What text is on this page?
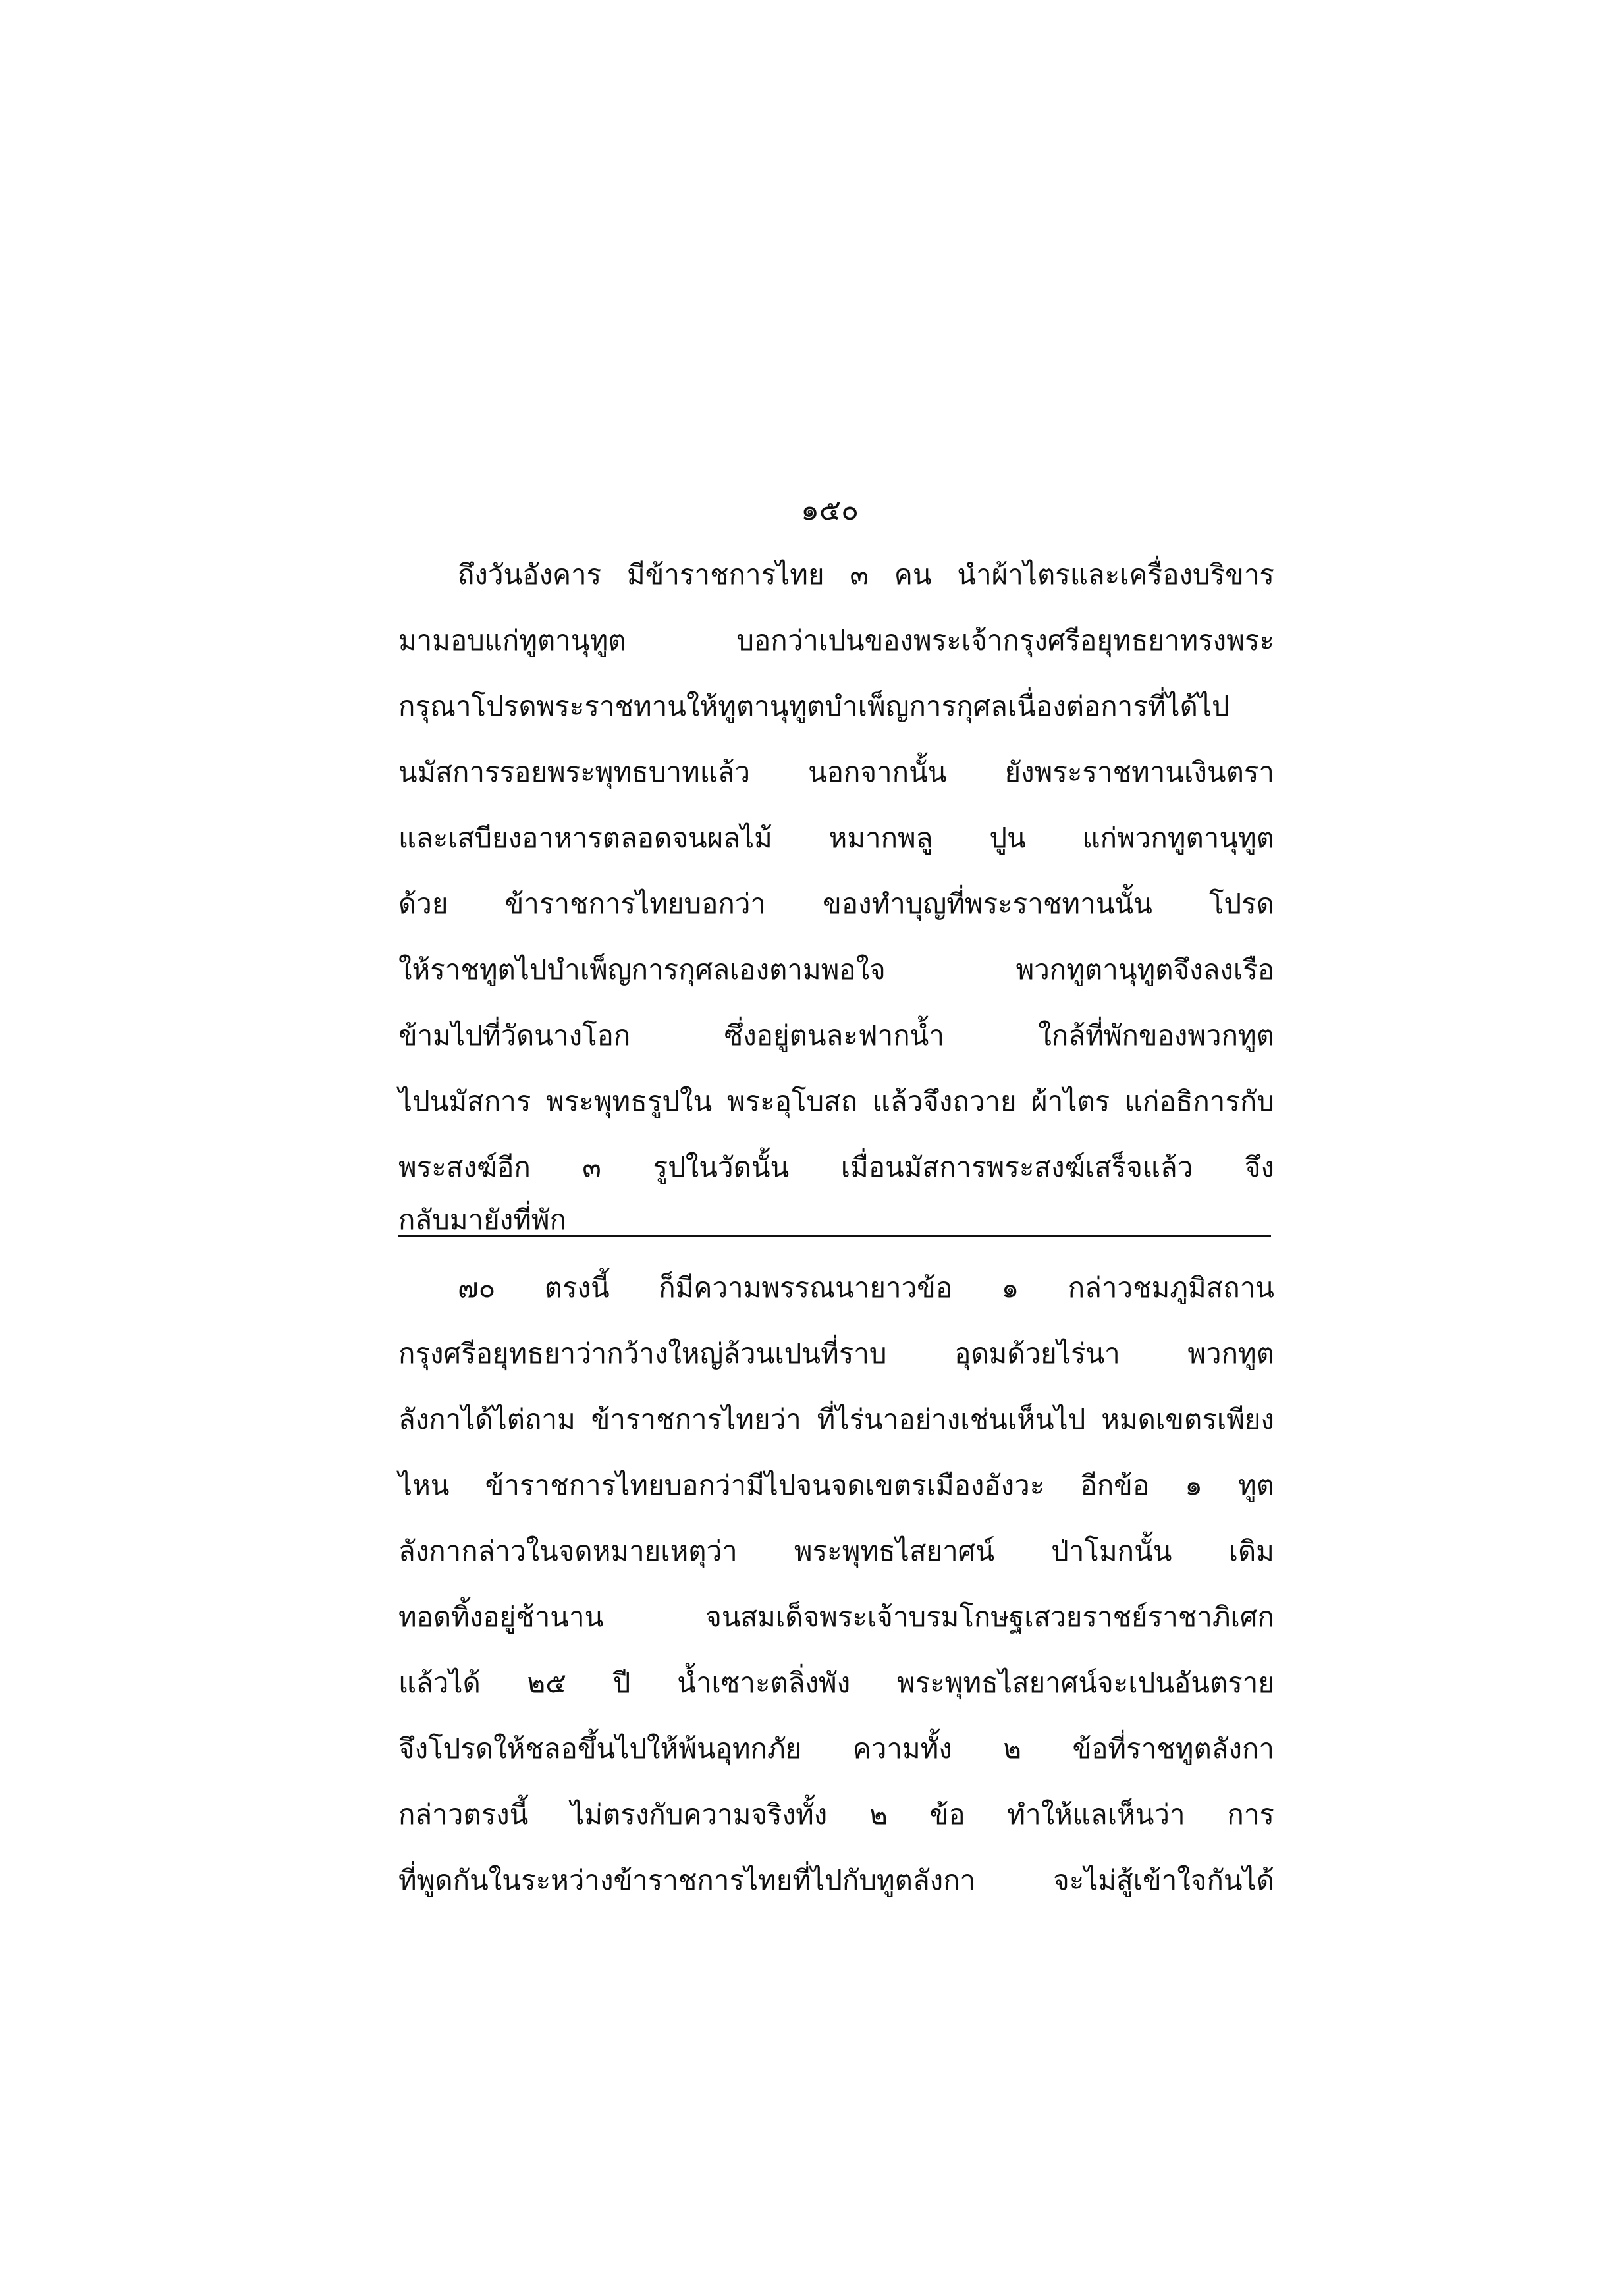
๑๕๐
ถึงวันอังคาร มีข้าราชการไทย ๓ คน นำผ้าไตรและเครื่องบริขาร
มามอบแก่ทูตานุทูต บอกว่าเปนของพระเจ้ากรุงศรีอยุทธยาทรงพระ
กรุณาโปรดพระราชทานให้ทูตานุทูตบำเพ็ญการกุศลเนื่องต่อการที่ได้ไป
นมัสการรอยพระพุทธบาทแล้ว นอกจากนั้น ยังพระราชทานเงินตรา
และเสบียงอาหารตลอดจนผลไม้ หมากพลู ปูน แก่พวกทูตานุทูต
ด้วย ข้าราชการไทยบอกว่า ของทำบุญที่พระราชทานนั้น โปรด
ให้ราชทูตไปบำเพ็ญการกุศลเองตามพอใจ พวกทูตานุทูตจึงลงเรือ
ข้ามไปที่วัดนางโอก ซึ่งอยู่ตนละฟากน้ำ ใกล้ที่พักของพวกทูต
ไปนมัสการ พระพุทธรูปใน พระอุโบสถ แล้วจึงถวาย ผ้าไตร แก่อธิการกับ
พระสงฆ์อีก ๓ รูปในวัดนั้น เมื่อนมัสการพระสงฆ์เสร็จแล้ว จึง
กลับมายังที่พัก
๗๐ ตรงนี้ ก็มีความพรรณนายาวข้อ ๑ กล่าวชมภูมิสถาน
กรุงศรีอยุทธยาว่ากว้างใหญ่ล้วนเปนที่ราบ อุดมด้วยไร่นา พวกทูต
ลังกาได้ไต่ถาม ข้าราชการไทยว่า ที่ไร่นาอย่างเช่นเห็นไป หมดเขตรเพียง
ไหน ข้าราชการไทยบอกว่ามีไปจนจดเขตรเมืองอังวะ อีกข้อ ๑ ทูต
ลังกากล่าวในจดหมายเหตุว่า พระพุทธไสยาศน์ ป่าโมกนั้น เดิม
ทอดทิ้งอยู่ช้านาน จนสมเด็จพระเจ้าบรมโกษฐเสวยราชย์ราชาภิเศก
แล้วได้ ๒๕ ปี น้ำเซาะตลิ่งพัง พระพุทธไสยาศน์จะเปนอันตราย
จึงโปรดให้ชลอขึ้นไปให้พ้นอุทกภัย ความทั้ง ๒ ข้อที่ราชทูตลังกา
กล่าวตรงนี้ ไม่ตรงกับความจริงทั้ง ๒ ข้อ ทำให้แลเห็นว่า การ
ที่พูดกันในระหว่างข้าราชการไทยที่ไปกับทูตลังกา จะไม่สู้เข้าใจกันได้
